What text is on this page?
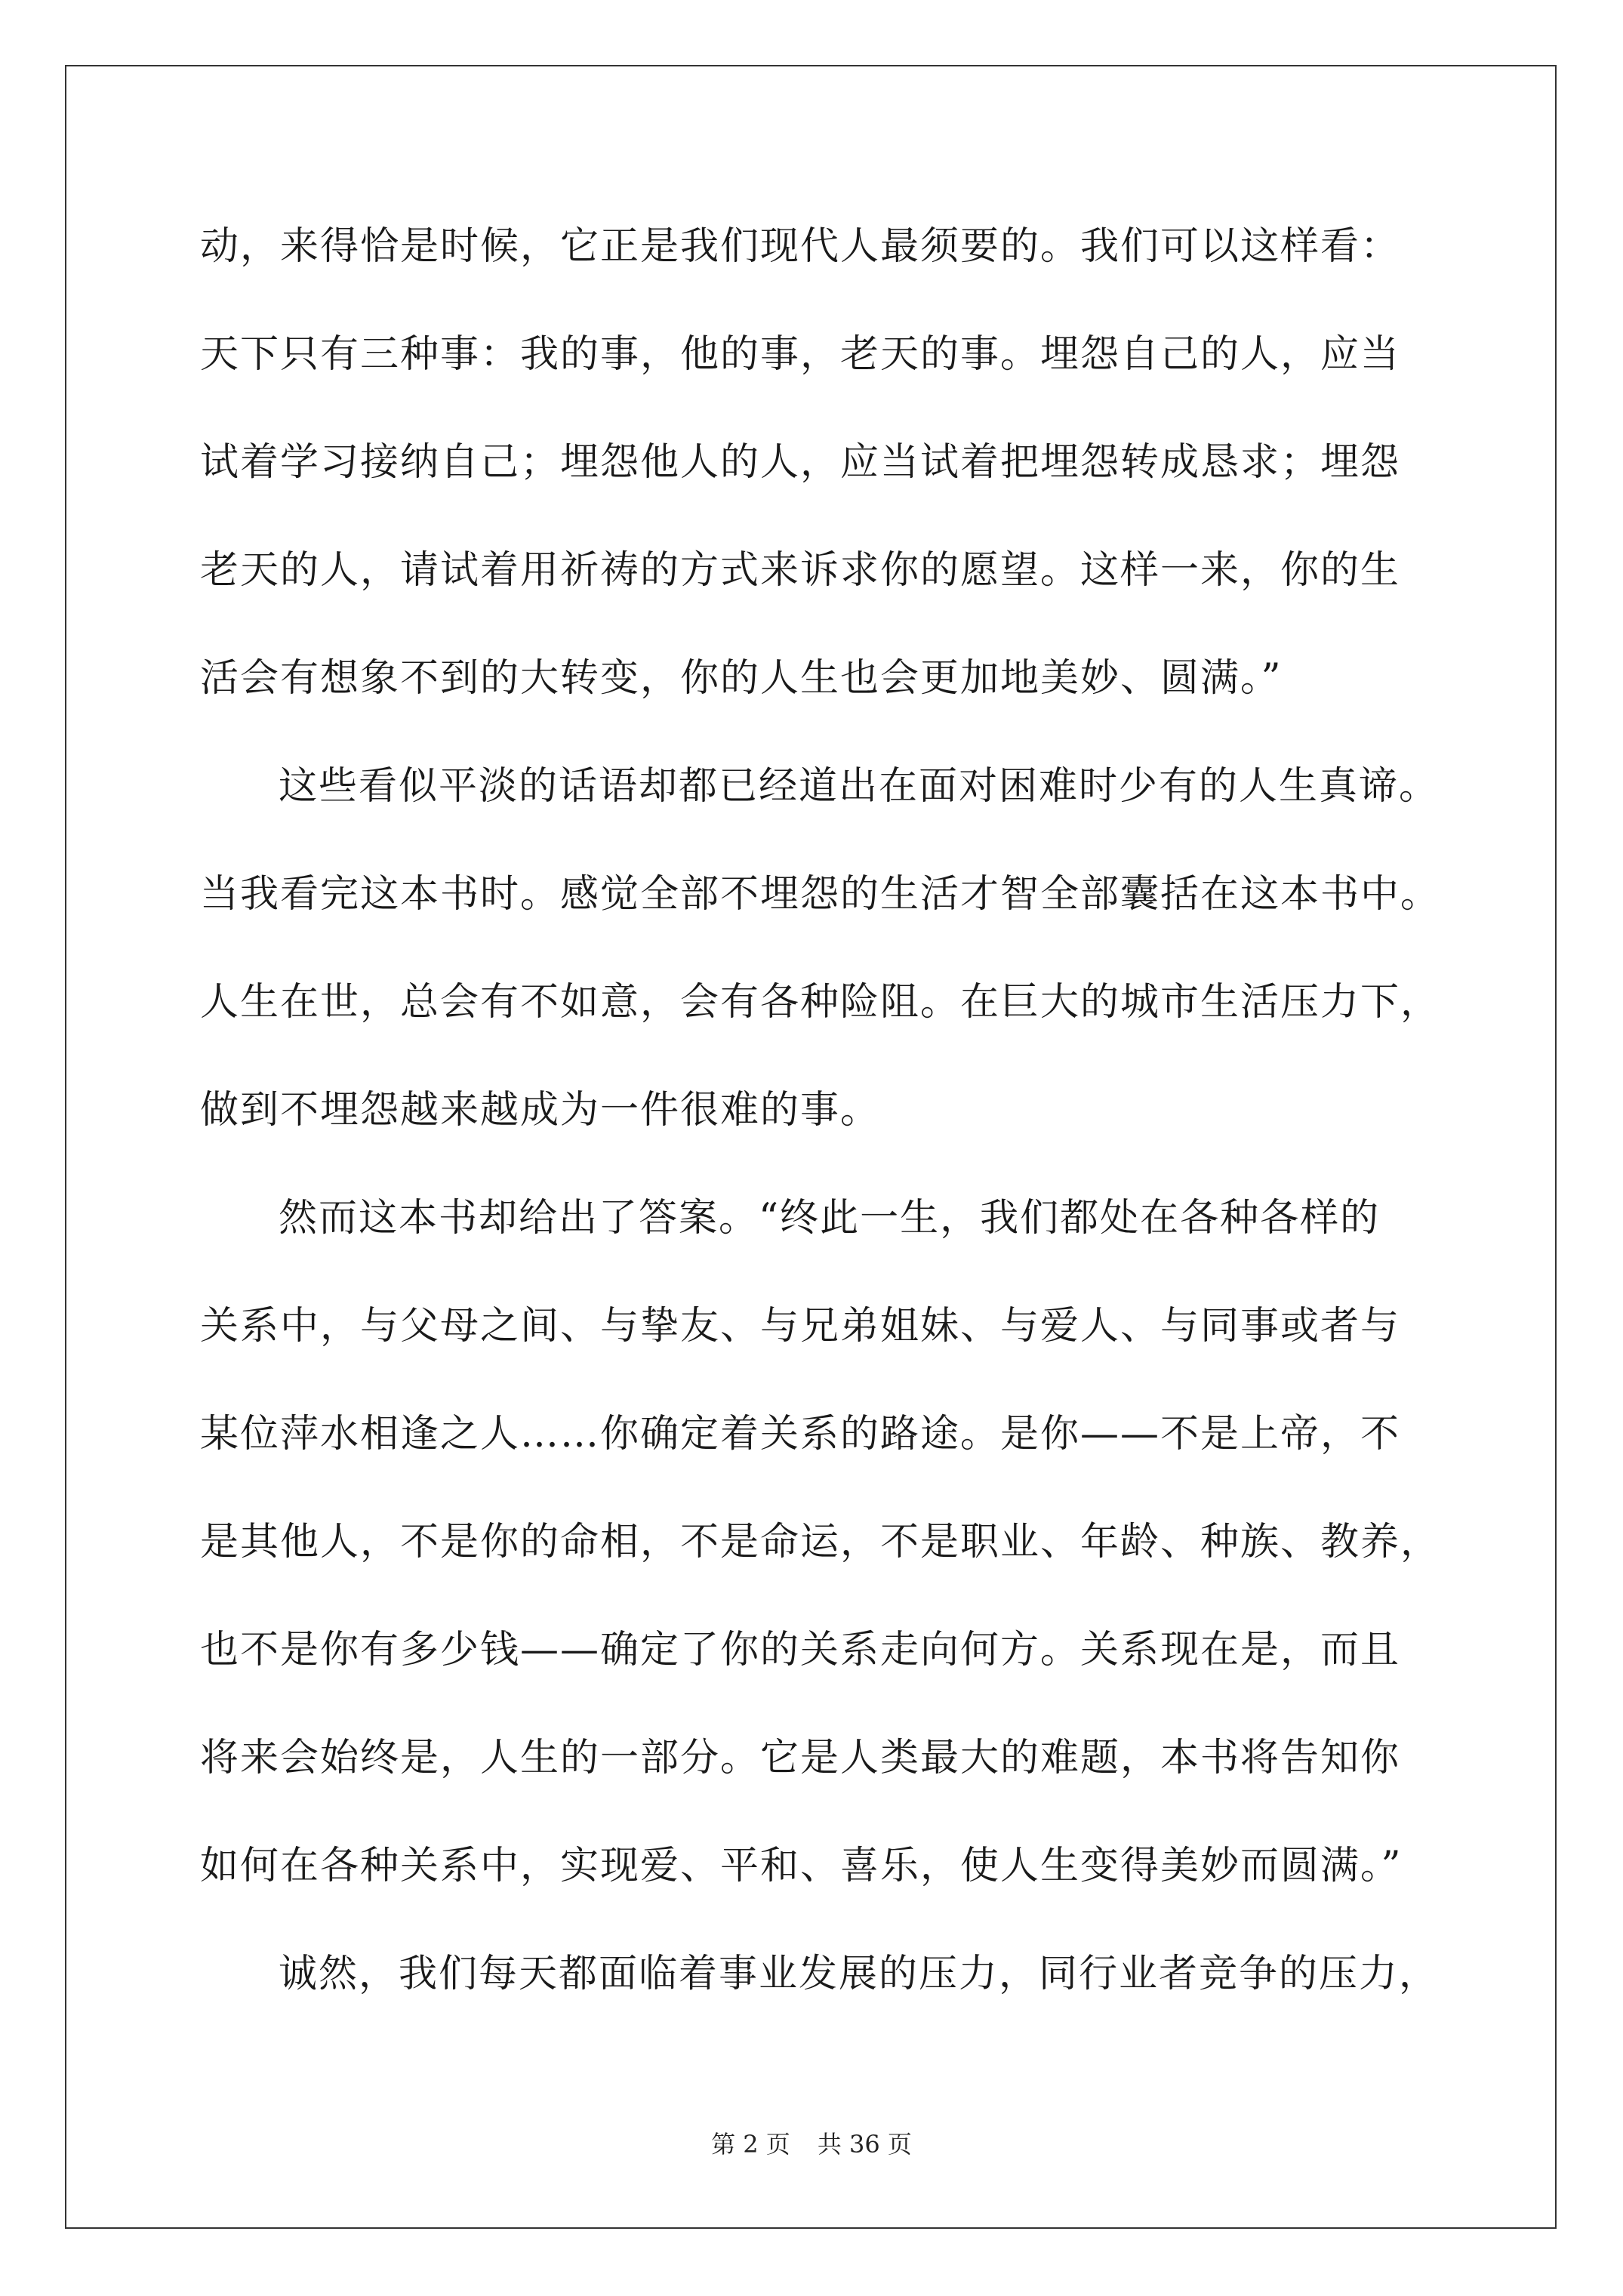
动，来得恰是时候，它正是我们现代人最须要的。我们可以这样看：
天下只有三种事：我的事，他的事，老天的事。埋怨自己的人，应当
试着学习接纳自己；埋怨他人的人，应当试着把埋怨转成恳求；埋怨
老天的人，请试着用祈祷的方式来诉求你的愿望。这样一来，你的生
活会有想象不到的大转变，你的人生也会更加地美妙、圆满。”
这些看似平淡的话语却都已经道出在面对困难时少有的人生真谛。
当我看完这本书时。感觉全部不埋怨的生活才智全部囊括在这本书中。
人生在世，总会有不如意，会有各种险阻。在巨大的城市生活压力下，
做到不埋怨越来越成为一件很难的事。
然而这本书却给出了答案。“终此一生，我们都处在各种各样的
关系中，与父母之间、与挚友、与兄弟姐妹、与爱人、与同事或者与
某位萍水相逢之人……你确定着关系的路途。是你——不是上帝，不
是其他人，不是你的命相，不是命运，不是职业、年龄、种族、教养，
也不是你有多少钱——确定了你的关系走向何方。关系现在是，而且
将来会始终是，人生的一部分。它是人类最大的难题，本书将告知你
如何在各种关系中，实现爱、平和、喜乐，使人生变得美妙而圆满。”
诚然，我们每天都面临着事业发展的压力，同行业者竞争的压力，
第 2 页 共 36 页
